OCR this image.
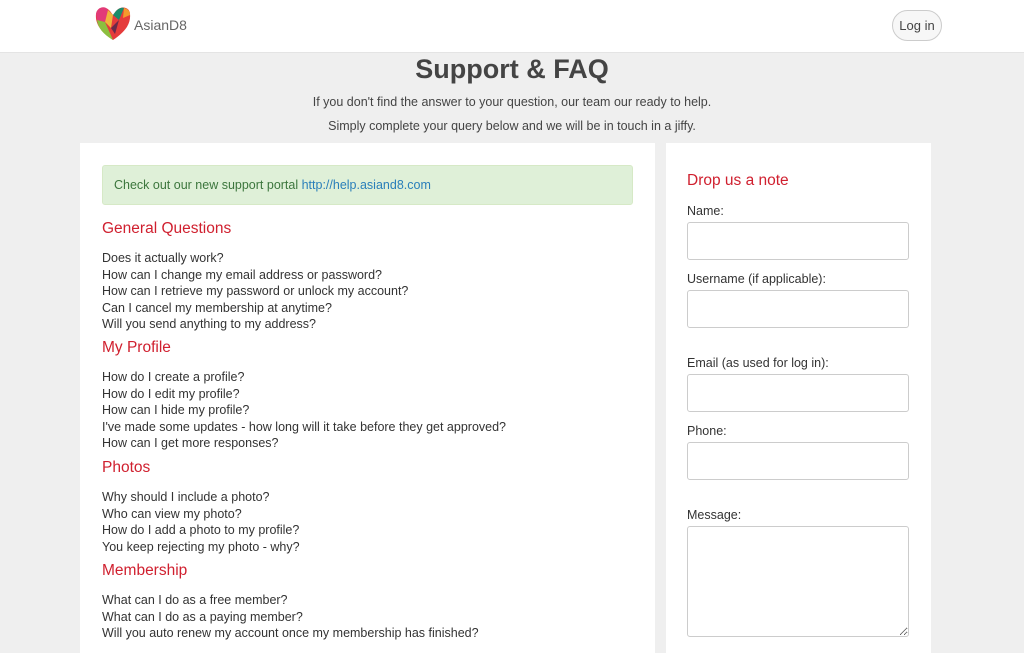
AsianD8	Log in
Support & FAQ

If you don't find the answer to your question, our team our ready to help.

Simply complete your query below and we will be in touch in a jiffy.

Check out our new support portal http://help.asiand8.com
General Questions
Does it actually work?
How can I change my email address or password?
How can I retrieve my password or unlock my account?
Can I cancel my membership at anytime?
Will you send anything to my address?
My Profile
How do I create a profile?
How do I edit my profile?
How can I hide my profile?
I've made some updates - how long will it take before they get approved?
How can I get more responses?
Photos
Why should I include a photo?
Who can view my photo?
How do I add a photo to my profile?
You keep rejecting my photo - why?
Membership
What can I do as a free member?
What can I do as a paying member?
Will you auto renew my account once my membership has finished?
Drop us a note
Name:
Username (if applicable):
Email (as used for log in):
Phone:
Message:
